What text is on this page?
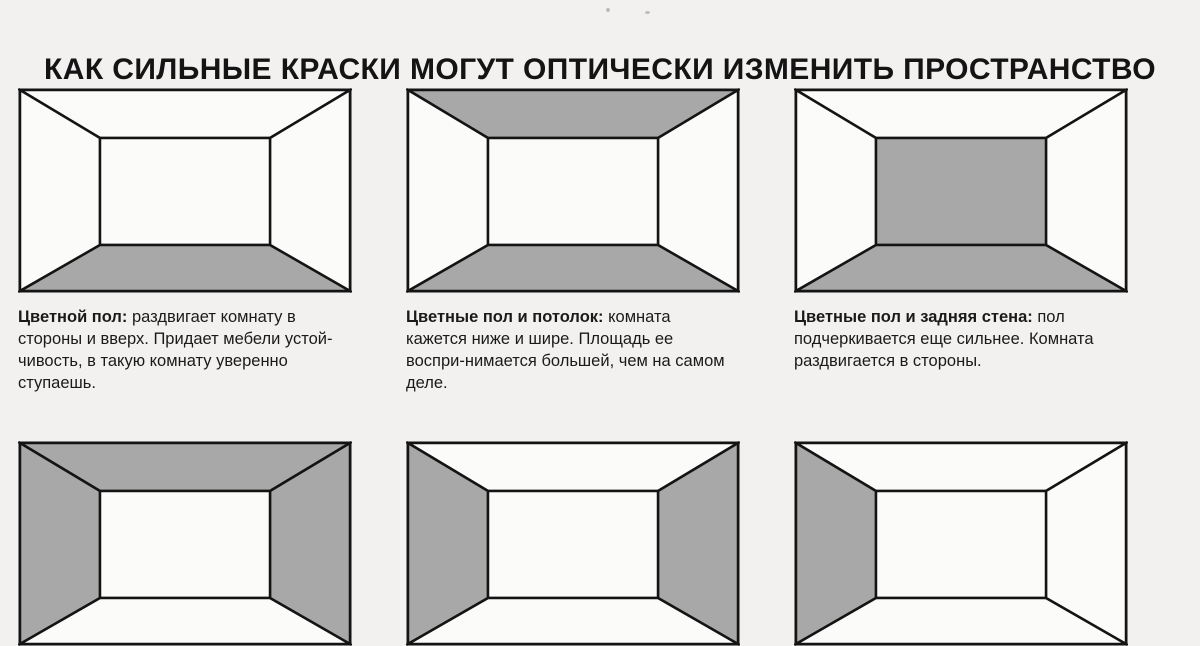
КАК СИЛЬНЫЕ КРАСКИ МОГУТ ОПТИЧЕСКИ ИЗМЕНИТЬ ПРОСТРАНСТВО

Цветной пол: раздвигает комнату в стороны и вверх. Придает мебели устой-чивость, в такую комнату уверенно ступаешь.

Цветные пол и потолок: комната кажется ниже и шире. Площадь ее воспри-нимается большей, чем на самом деле.

Цветные пол и задняя стена: пол подчеркивается еще сильнее. Комната раздвигается в стороны.
